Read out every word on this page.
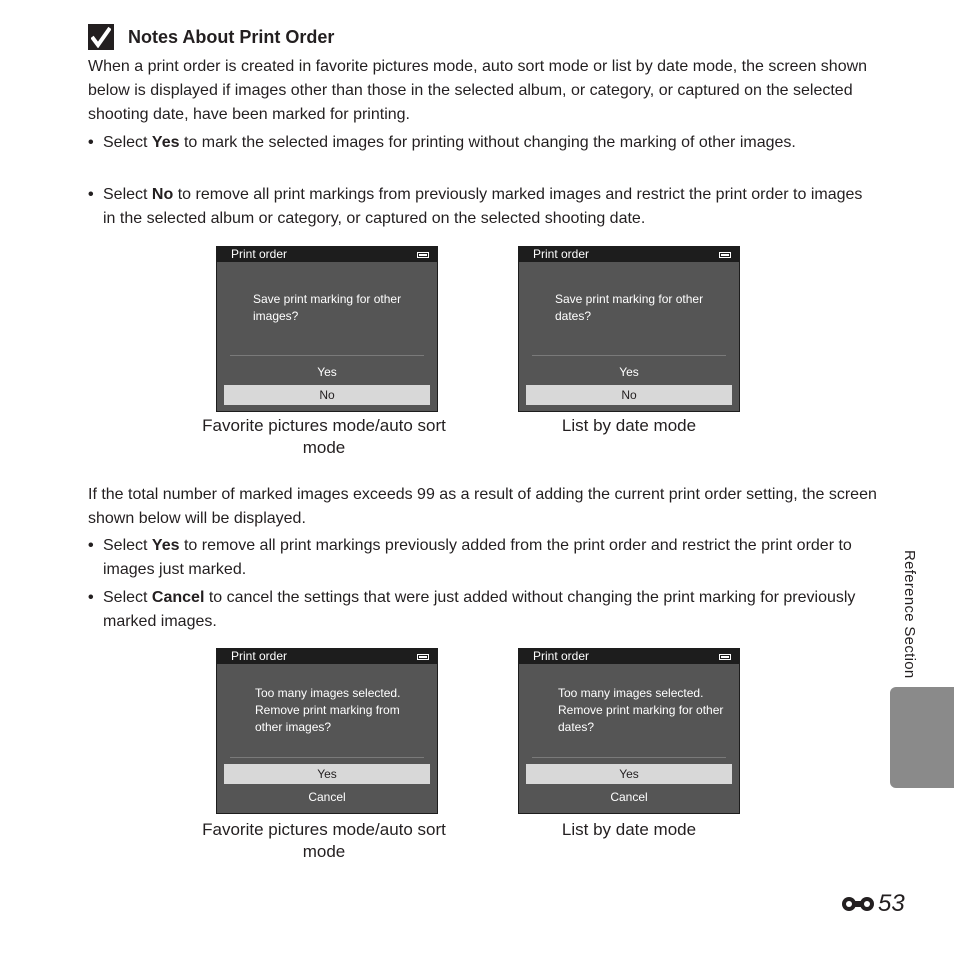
Notes About Print Order

When a print order is created in favorite pictures mode, auto sort mode or list by date mode, the screen shown below is displayed if images other than those in the selected album, or category, or captured on the selected shooting date, have been marked for printing.

• Select Yes to mark the selected images for printing without changing the marking of other images.
• Select No to remove all print markings from previously marked images and restrict the print order to images in the selected album or category, or captured on the selected shooting date.
Print order
Save print marking for other images?
Yes
No
Favorite pictures mode/auto sort mode
Print order
Save print marking for other dates?
Yes
No
List by date mode

If the total number of marked images exceeds 99 as a result of adding the current print order setting, the screen shown below will be displayed.

• Select Yes to remove all print markings previously added from the print order and restrict the print order to images just marked.
• Select Cancel to cancel the settings that were just added without changing the print marking for previously marked images.
Print order
Too many images selected. Remove print marking from other images?
Yes
Cancel
Favorite pictures mode/auto sort mode
Print order
Too many images selected. Remove print marking for other dates?
Yes
Cancel
List by date mode
Reference Section
53
